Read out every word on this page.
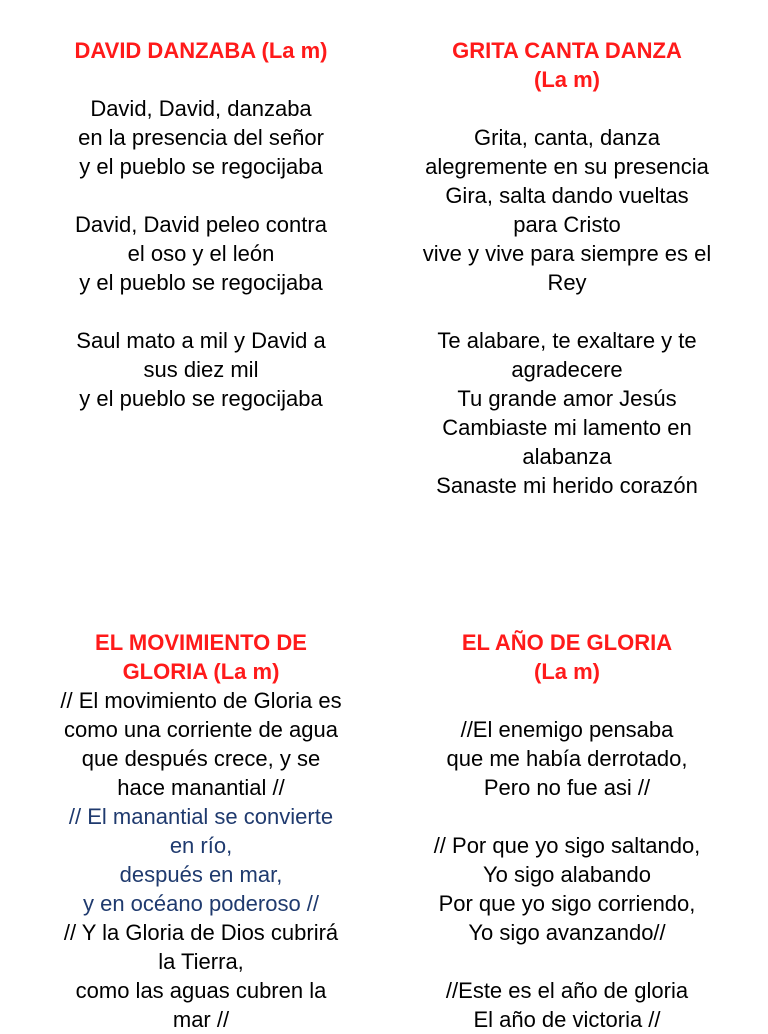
DAVID DANZABA (La m)
David, David, danzaba
en la presencia del señor
y el pueblo se regocijaba
David, David peleo contra
el oso y el león
y el pueblo se regocijaba
Saul mato a mil y David a
sus diez mil
y el pueblo se regocijaba
GRITA CANTA DANZA
(La m)
Grita, canta, danza
alegremente en su presencia
Gira, salta dando vueltas
para Cristo
vive y vive para siempre es el
Rey
Te alabare, te exaltare y te
agradecere
Tu grande amor Jesús
Cambiaste mi lamento en
alabanza
Sanaste mi herido corazón
EL MOVIMIENTO DE
GLORIA (La m)
// El movimiento de Gloria es
como una corriente de agua
que después crece, y se
hace manantial //
// El manantial se convierte
en río,
después en mar,
y en océano poderoso //
// Y la Gloria de Dios cubrirá
la Tierra,
como las aguas cubren la
mar //
EL AÑO DE GLORIA
(La m)
//El enemigo pensaba
que me había derrotado,
Pero no fue asi //
// Por que yo sigo saltando,
Yo sigo alabando
Por que yo sigo corriendo,
Yo sigo avanzando//
//Este es el año de gloria
El año de victoria //
